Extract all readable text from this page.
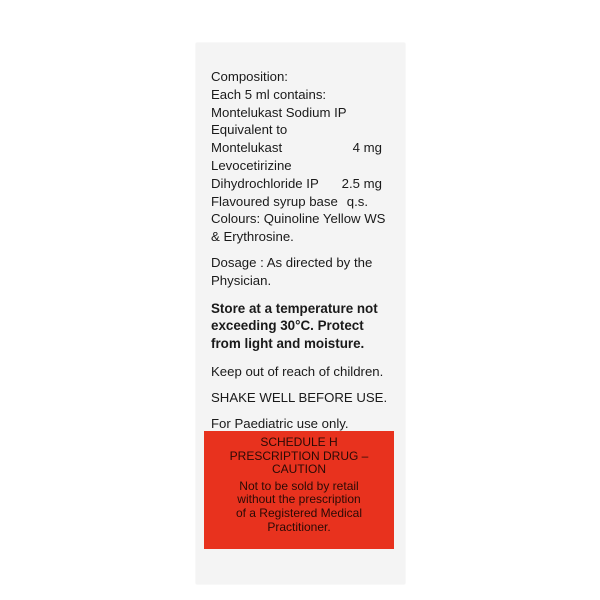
Composition:
Each 5 ml contains:
Montelukast Sodium IP
Equivalent to
Montelukast	4 mg
Levocetirizine
Dihydrochloride IP 2.5 mg
Flavoured syrup base q.s.
Colours: Quinoline Yellow WS
& Erythrosine.
Dosage : As directed by the
Physician.
Store at a temperature not
exceeding 30°C. Protect
from light and moisture.
Keep out of reach of children.
SHAKE WELL BEFORE USE.
For Paediatric use only.
SCHEDULE H
PRESCRIPTION DRUG –
CAUTION
Not to be sold by retail
without the prescription
of a Registered Medical
Practitioner.
